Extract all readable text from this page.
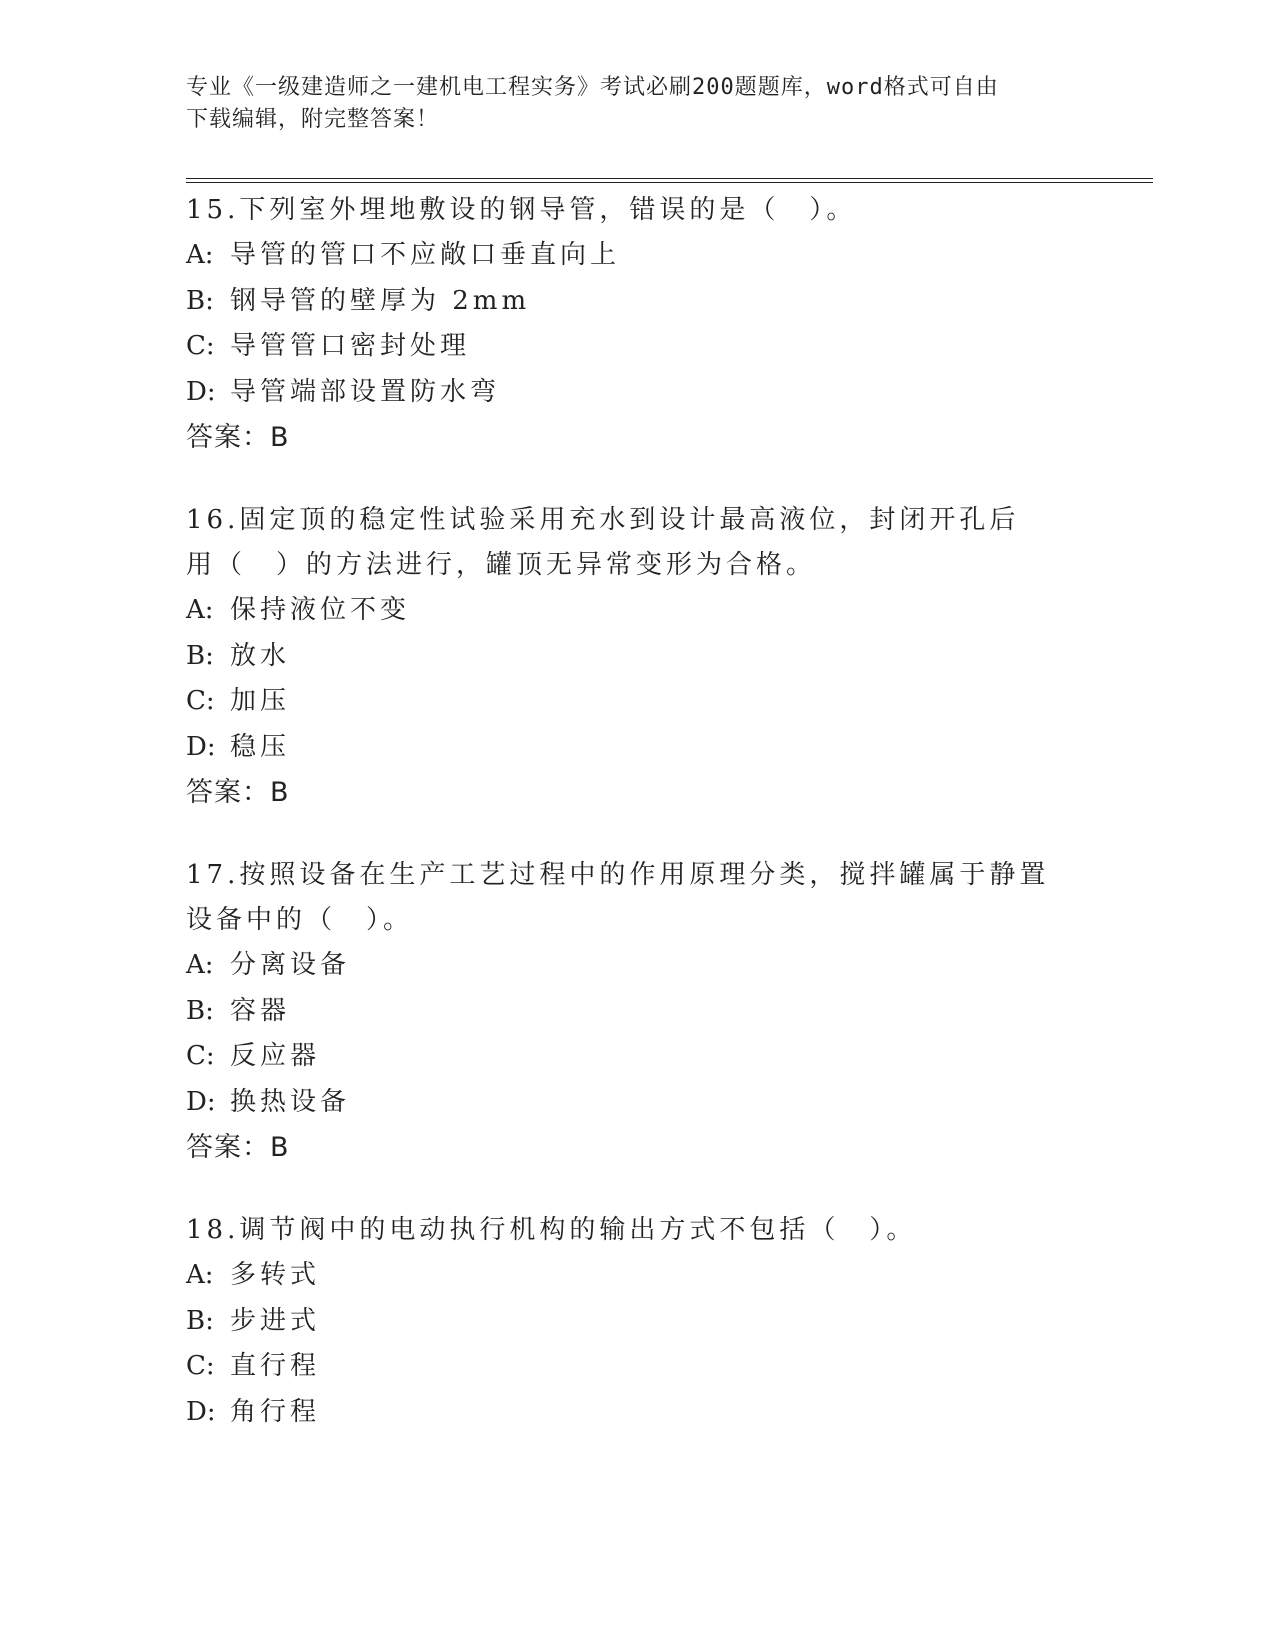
专业《一级建造师之一建机电工程实务》考试必刷200题题库，word格式可自由
下载编辑，附完整答案！
15.下列室外埋地敷设的钢导管，错误的是（　）。
A: 导管的管口不应敞口垂直向上
B: 钢导管的壁厚为 2mm
C: 导管管口密封处理
D: 导管端部设置防水弯
答案：B
16.固定顶的稳定性试验采用充水到设计最高液位，封闭开孔后用（　）的方法进行，罐顶无异常变形为合格。
A: 保持液位不变
B: 放水
C: 加压
D: 稳压
答案：B
17.按照设备在生产工艺过程中的作用原理分类，搅拌罐属于静置设备中的（　）。
A: 分离设备
B: 容器
C: 反应器
D: 换热设备
答案：B
18.调节阀中的电动执行机构的输出方式不包括（　）。
A: 多转式
B: 步进式
C: 直行程
D: 角行程
